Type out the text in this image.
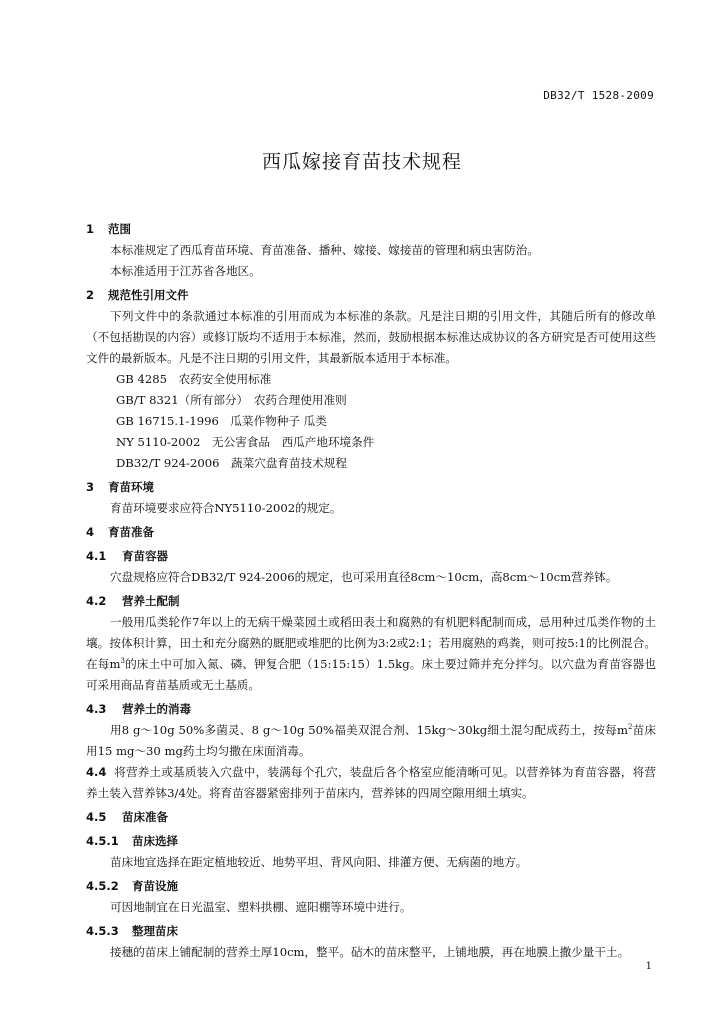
DB32/T 1528-2009
西瓜嫁接育苗技术规程
1 范围
本标准规定了西瓜育苗环境、育苗准备、播种、嫁接、嫁接苗的管理和病虫害防治。
本标准适用于江苏省各地区。
2 规范性引用文件
下列文件中的条款通过本标准的引用而成为本标准的条款。凡是注日期的引用文件，其随后所有的修改单（不包括勘误的内容）或修订版均不适用于本标准，然而，鼓励根据本标准达成协议的各方研究是否可使用这些文件的最新版本。凡是不注日期的引用文件，其最新版本适用于本标准。
GB 4285　农药安全使用标准
GB/T 8321（所有部分）　农药合理使用准则
GB 16715.1-1996　瓜菜作物种子 瓜类
NY 5110-2002　无公害食品　西瓜产地环境条件
DB32/T 924-2006　蔬菜穴盘育苗技术规程
3 育苗环境
育苗环境要求应符合NY5110-2002的规定。
4 育苗准备
4.1 育苗容器
穴盘规格应符合DB32/T 924-2006的规定，也可采用直径8cm～10cm，高8cm～10cm营养钵。
4.2 营养土配制
一般用瓜类轮作7年以上的无病干燥菜园土或稻田表土和腐熟的有机肥料配制而成，忌用种过瓜类作物的土壤。按体积计算，田土和充分腐熟的厩肥或堆肥的比例为3:2或2:1；若用腐熟的鸡粪，则可按5:1的比例混合。在每$m^3$的床土中可加入氮、磷、钾复合肥（15:15:15）1.5kg。床土要过筛并充分拌匀。以穴盘为育苗容器也可采用商品育苗基质或无土基质。
4.3 营养土的消毒
用8 g～10g 50%多菌灵、8 g～10g 50%福美双混合剂、15kg～30kg细土混匀配成药土，按每$m^2$苗床用15 mg～30 mg药土均匀撒在床面消毒。
4.4 将营养土或基质装入穴盘中，装满每个孔穴，装盘后各个格室应能清晰可见。以营养钵为育苗容器，将营养土装入营养钵3/4处。将育苗容器紧密排列于苗床内，营养钵的四周空隙用细土填实。
4.5 苗床准备
4.5.1 苗床选择
苗床地宜选择在距定植地较近、地势平坦、背风向阳、排灌方便、无病菌的地方。
4.5.2 育苗设施
可因地制宜在日光温室、塑料拱棚、遮阳棚等环境中进行。
4.5.3 整理苗床
接穗的苗床上铺配制的营养土厚10cm，整平。砧木的苗床整平，上铺地膜，再在地膜上撒少量干土。
1
